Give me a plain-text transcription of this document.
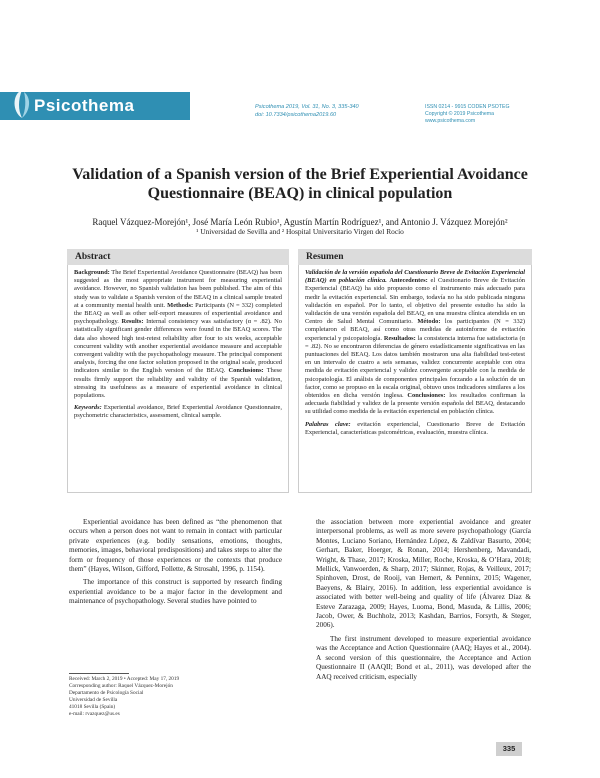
Psicothema	Psicothema 2019, Vol. 31, No. 3, 335-340
doi: 10.7334/psicothema2019.60
ISSN 0214 - 9915 CODEN PSOTEG
Copyright © 2019 Psicothema
www.psicothema.com
Validation of a Spanish version of the Brief Experiential Avoidance
Questionnaire (BEAQ) in clinical population
Raquel Vázquez-Morejón¹, José María León Rubio¹, Agustín Martín Rodríguez¹, and Antonio J. Vázquez Morejón²
¹ Universidad de Sevilla and ² Hospital Universitario Virgen del Rocío
Abstract

Background: The Brief Experiential Avoidance Questionnaire (BEAQ) has been suggested as the most appropriate instrument for measuring experiential avoidance. However, no Spanish validation has been published. The aim of this study was to validate a Spanish version of the BEAQ in a clinical sample treated at a community mental health unit. Methods: Participants (N = 332) completed the BEAQ as well as other self-report measures of experiential avoidance and psychopathology. Results: Internal consistency was satisfactory (α = .82). No statistically significant gender differences were found in the BEAQ scores. The data also showed high test-retest reliability after four to six weeks, acceptable concurrent validity with another experiential avoidance measure and acceptable convergent validity with the psychopathology measure. The principal component analysis, forcing the one factor solution proposed in the original scale, produced indicators similar to the English version of the BEAQ. Conclusions: These results firmly support the reliability and validity of the Spanish validation, stressing its usefulness as a measure of experiential avoidance in clinical populations.

Keywords: Experiential avoidance, Brief Experiential Avoidance Questionnaire, psychometric characteristics, assessment, clinical sample.

Resumen

Validación de la versión española del Cuestionario Breve de Evitación Experiencial (BEAQ) en población clínica. Antecedentes: el Cuestionario Breve de Evitación Experiencial (BEAQ) ha sido propuesto como el instrumento más adecuado para medir la evitación experiencial. Sin embargo, todavía no ha sido publicada ninguna validación en español. Por lo tanto, el objetivo del presente estudio ha sido la validación de una versión española del BEAQ, en una muestra clínica atendida en un Centro de Salud Mental Comunitario. Método: los participantes (N = 332) completaron el BEAQ, así como otras medidas de autoinforme de evitación experiencial y psicopatología. Resultados: la consistencia interna fue satisfactoria (α = .82). No se encontraron diferencias de género estadísticamente significativas en las puntuaciones del BEAQ. Los datos también mostraron una alta fiabilidad test-retest en un intervalo de cuatro a seis semanas, validez concurrente aceptable con otra medida de evitación experiencial y validez convergente aceptable con la medida de psicopatología. El análisis de componentes principales forzando a la solución de un factor, como se propuso en la escala original, obtuvo unos indicadores similares a los obtenidos en dicha versión inglesa. Conclusiones: los resultados confirman la adecuada fiabilidad y validez de la presente versión española del BEAQ, destacando su utilidad como medida de la evitación experiencial en población clínica.

Palabras clave: evitación experiencial, Cuestionario Breve de Evitación Experiencial, características psicométricas, evaluación, muestra clínica.

Experiential avoidance has been defined as “the phenomenon that occurs when a person does not want to remain in contact with particular private experiences (e.g. bodily sensations, emotions, thoughts, memories, images, behavioral predispositions) and takes steps to alter the form or frequency of those experiences or the contexts that produce them” (Hayes, Wilson, Gifford, Follette, & Strosahl, 1996, p. 1154).

The importance of this construct is supported by research finding experiential avoidance to be a major factor in the development and maintenance of psychopathology. Several studies have pointed to

the association between more experiential avoidance and greater interpersonal problems, as well as more severe psychopathology (García Montes, Luciano Soriano, Hernández López, & Zaldívar Basurto, 2004; Gerhart, Baker, Hoerger, & Ronan, 2014; Hershenberg, Mavandadi, Wright, & Thase, 2017; Kroska, Miller, Roche, Kroska, & O’Hara, 2018; Mellick, Vanwoerden, & Sharp, 2017; Skinner, Rojas, & Veilleux, 2017; Spinhoven, Drost, de Rooij, van Hemert, & Penninx, 2015; Wagener, Baeyens, & Blairy, 2016). In addition, less experiential avoidance is associated with better well-being and quality of life (Álvarez Díaz & Esteve Zarazaga, 2009; Hayes, Luoma, Bond, Masuda, & Lillis, 2006; Jacob, Ower, & Buchholz, 2013; Kashdan, Barrios, Forsyth, & Steger, 2006).

The first instrument developed to measure experiential avoidance was the Acceptance and Action Questionnaire (AAQ; Hayes et al., 2004). A second version of this questionnaire, the Acceptance and Action Questionnaire II (AAQII; Bond et al., 2011), was developed after the AAQ received criticism, especially

Received: March 2, 2019 • Accepted: May 17, 2019
Corresponding author: Raquel Vázquez-Morejón
Departamento de Psicología Social
Universidad de Sevilla
41018 Sevilla (Spain)
e-mail: rvazquez@us.es
335
